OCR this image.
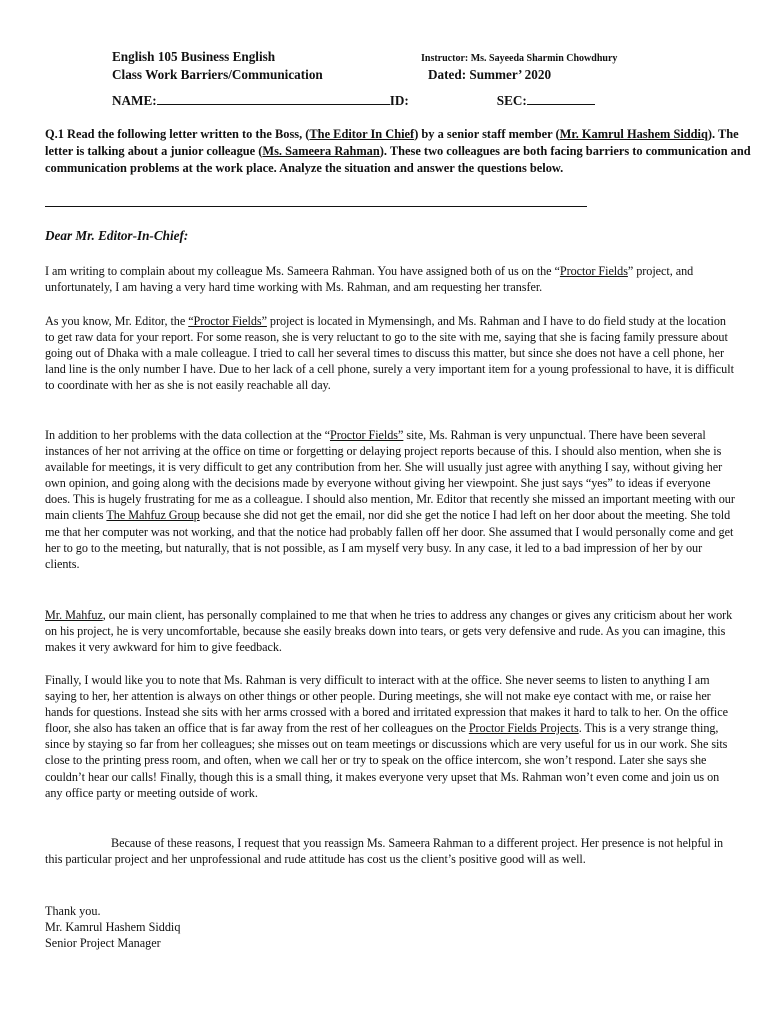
English 105 Business English
Class Work Barriers/Communication
Instructor: Ms. Sayeeda Sharmin Chowdhury
Dated: Summer’ 2020
NAME:	ID:	SEC:
Q.1 Read the following letter written to the Boss, (The Editor In Chief) by a senior staff member (Mr. Kamrul Hashem Siddiq). The letter is talking about a junior colleague (Ms. Sameera Rahman). These two colleagues are both facing barriers to communication and communication problems at the work place. Analyze the situation and answer the questions below.
Dear Mr. Editor-In-Chief:
I am writing to complain about my colleague Ms. Sameera Rahman. You have assigned both of us on the “Proctor Fields” project, and unfortunately, I am having a very hard time working with Ms. Rahman, and am requesting her transfer.
As you know, Mr. Editor, the “Proctor Fields” project is located in Mymensingh, and Ms. Rahman and I have to do field study at the location to get raw data for your report. For some reason, she is very reluctant to go to the site with me, saying that she is facing family pressure about going out of Dhaka with a male colleague. I tried to call her several times to discuss this matter, but since she does not have a cell phone, her land line is the only number I have. Due to her lack of a cell phone, surely a very important item for a young professional to have, it is difficult to coordinate with her as she is not easily reachable all day.
In addition to her problems with the data collection at the “Proctor Fields” site, Ms. Rahman is very unpunctual. There have been several instances of her not arriving at the office on time or forgetting or delaying project reports because of this. I should also mention, when she is available for meetings, it is very difficult to get any contribution from her. She will usually just agree with anything I say, without giving her own opinion, and going along with the decisions made by everyone without giving her viewpoint. She just says “yes” to ideas if everyone does. This is hugely frustrating for me as a colleague. I should also mention, Mr. Editor that recently she missed an important meeting with our main clients The Mahfuz Group because she did not get the email, nor did she get the notice I had left on her door about the meeting. She told me that her computer was not working, and that the notice had probably fallen off her door. She assumed that I would personally come and get her to go to the meeting, but naturally, that is not possible, as I am myself very busy. In any case, it led to a bad impression of her by our clients.
Mr. Mahfuz, our main client, has personally complained to me that when he tries to address any changes or gives any criticism about her work on his project, he is very uncomfortable, because she easily breaks down into tears, or gets very defensive and rude. As you can imagine, this makes it very awkward for him to give feedback.
Finally, I would like you to note that Ms. Rahman is very difficult to interact with at the office. She never seems to listen to anything I am saying to her, her attention is always on other things or other people. During meetings, she will not make eye contact with me, or raise her hands for questions. Instead she sits with her arms crossed with a bored and irritated expression that makes it hard to talk to her. On the office floor, she also has taken an office that is far away from the rest of her colleagues on the Proctor Fields Projects. This is a very strange thing, since by staying so far from her colleagues; she misses out on team meetings or discussions which are very useful for us in our work. She sits close to the printing press room, and often, when we call her or try to speak on the office intercom, she won’t respond. Later she says she couldn’t hear our calls! Finally, though this is a small thing, it makes everyone very upset that Ms. Rahman won’t even come and join us on any office party or meeting outside of work.
Because of these reasons, I request that you reassign Ms. Sameera Rahman to a different project. Her presence is not helpful in this particular project and her unprofessional and rude attitude has cost us the client’s positive good will as well.
Thank you.
Mr. Kamrul Hashem Siddiq
Senior Project Manager
